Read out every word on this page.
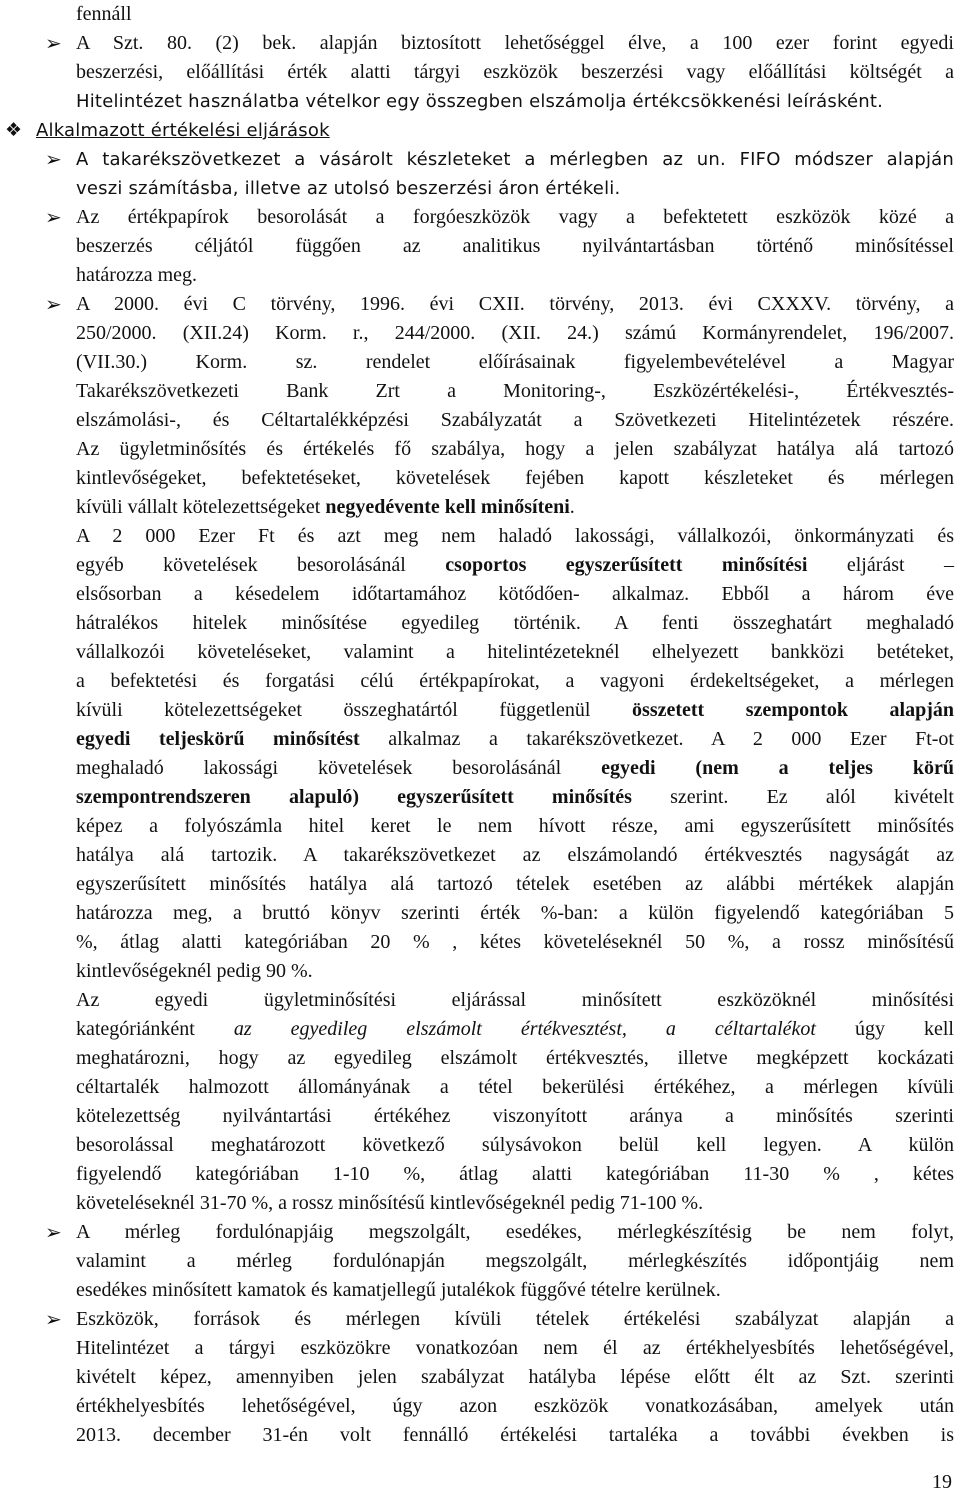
fennáll
➢ A Szt. 80. (2) bek. alapján biztosított lehetőséggel élve, a 100 ezer forint egyedi
beszerzési, előállítási érték alatti tárgyi eszközök beszerzési vagy előállítási költségét a
Hitelintézet használatba vételkor egy összegben elszámolja értékcsökkenési leírásként.
❖ Alkalmazott értékelési eljárások
➢ A takarékszövetkezet a vásárolt készleteket a mérlegben az un. FIFO módszer alapján
veszi számításba, illetve az utolsó beszerzési áron értékeli.
➢ Az értékpapírok besorolását a forgóeszközök vagy a befektetett eszközök közé a
beszerzés céljától függően az analitikus nyilvántartásban történő minősítéssel
határozza meg.
➢ A 2000. évi C törvény, 1996. évi CXII. törvény, 2013. évi CXXXV. törvény, a
250/2000. (XII.24) Korm. r., 244/2000. (XII. 24.) számú Kormányrendelet, 196/2007.
(VII.30.) Korm. sz. rendelet előírásainak figyelembevételével a Magyar
Takarékszövetkezeti Bank Zrt a Monitoring-, Eszközértékelési-, Értékvesztés-
elszámolási-, és Céltartalékképzési Szabályzatát a Szövetkezeti Hitelintézetek részére.
Az ügyletminősítés és értékelés fő szabálya, hogy a jelen szabályzat hatálya alá tartozó
kintlevőségeket, befektetéseket, követelések fejében kapott készleteket és mérlegen
kívüli vállalt kötelezettségeket negyedévente kell minősíteni.
A 2 000 Ezer Ft és azt meg nem haladó lakossági, vállalkozói, önkormányzati és
egyéb követelések besorolásánál csoportos egyszerűsített minősítési eljárást –
elsősorban a késedelem időtartamához kötődően- alkalmaz. Ebből a három éve
hátralékos hitelek minősítése egyedileg történik. A fenti összeghatárt meghaladó
vállalkozói követeléseket, valamint a hitelintézeteknél elhelyezett bankközi betéteket,
a befektetési és forgatási célú értékpapírokat, a vagyoni érdekeltségeket, a mérlegen
kívüli kötelezettségeket összeghatártól függetlenül összetett szempontok alapján
egyedi teljeskörű minősítést alkalmaz a takarékszövetkezet. A 2 000 Ezer Ft-ot
meghaladó lakossági követelések besorolásánál egyedi (nem a teljes körű
szempontrendszeren alapuló) egyszerűsített minősítés szerint. Ez alól kivételt
képez a folyószámla hitel keret le nem hívott része, ami egyszerűsített minősítés
hatálya alá tartozik. A takarékszövetkezet az elszámolandó értékvesztés nagyságát az
egyszerűsített minősítés hatálya alá tartozó tételek esetében az alábbi mértékek alapján
határozza meg, a bruttó könyv szerinti érték %-ban: a külön figyelendő kategóriában 5
%, átlag alatti kategóriában 20 % , kétes követeléseknél 50 %, a rossz minősítésű
kintlevőségeknél pedig 90 %.
Az egyedi ügyletminősítési eljárással minősített eszközöknél minősítési
kategóriánként az egyedileg elszámolt értékvesztést, a céltartalékot úgy kell
meghatározni, hogy az egyedileg elszámolt értékvesztés, illetve megképzett kockázati
céltartalék halmozott állományának a tétel bekerülési értékéhez, a mérlegen kívüli
kötelezettség nyilvántartási értékéhez viszonyított aránya a minősítés szerinti
besorolással meghatározott következő súlysávokon belül kell legyen. A külön
figyelendő kategóriában 1-10 %, átlag alatti kategóriában 11-30 % , kétes
követeléseknél 31-70 %, a rossz minősítésű kintlevőségeknél pedig 71-100 %.
➢ A mérleg fordulónapjáig megszolgált, esedékes, mérlegkészítésig be nem folyt,
valamint a mérleg fordulónapján megszolgált, mérlegkészítés időpontjáig nem
esedékes minősített kamatok és kamatjellegű jutalékok függővé tételre kerülnek.
➢ Eszközök, források és mérlegen kívüli tételek értékelési szabályzat alapján a
Hitelintézet a tárgyi eszközökre vonatkozóan nem él az értékhelyesbítés lehetőségével,
kivételt képez, amennyiben jelen szabályzat hatályba lépése előtt élt az Szt. szerinti
értékhelyesbítés lehetőségével, úgy azon eszközök vonatkozásában, amelyek után
2013. december 31-én volt fennálló értékelési tartaléka a további években is
19
